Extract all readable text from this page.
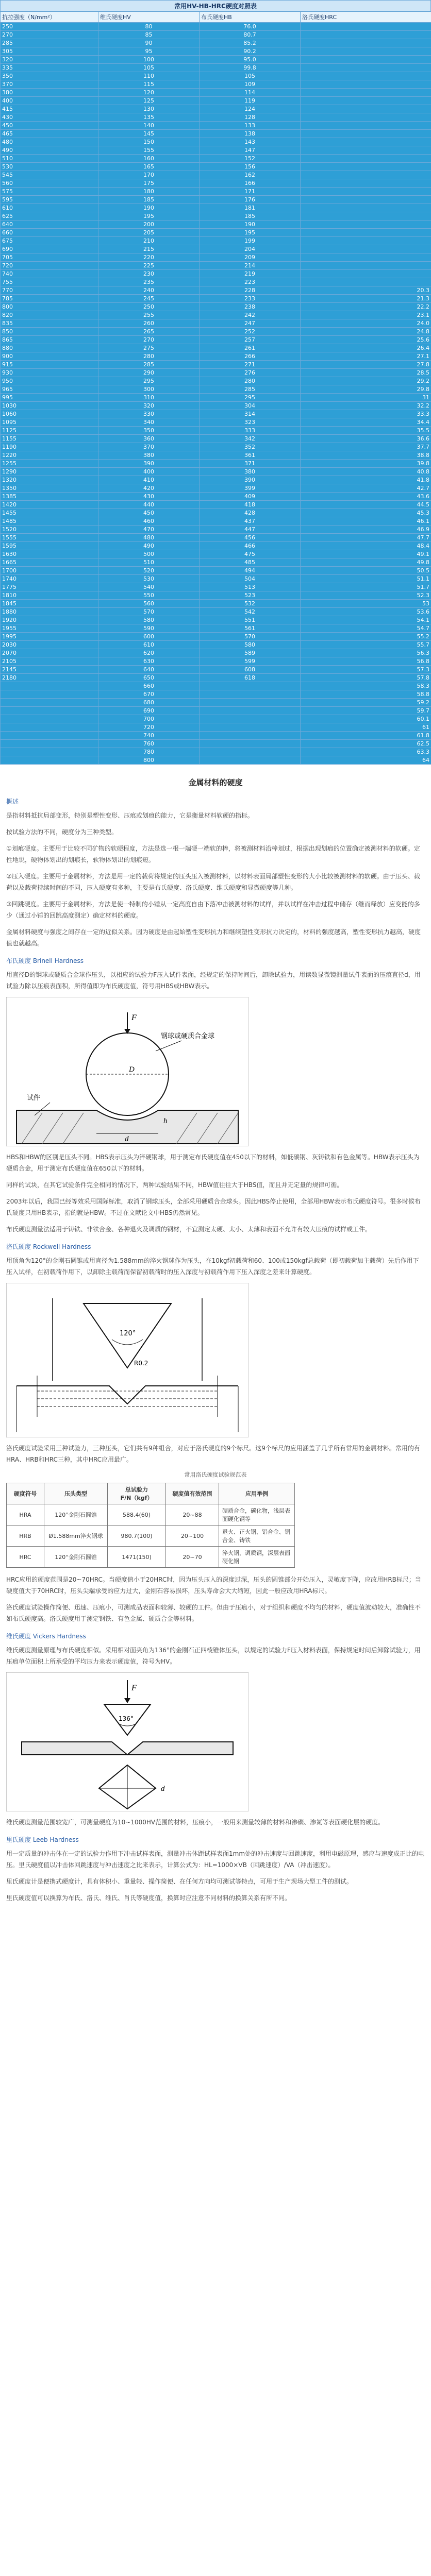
常用HV-HB-HRC硬度对照表
抗拉强度（N/mm²）	维氏硬度HV	布氏硬度HB	洛氏硬度HRC
250	80	76.0	
270	85	80.7	
285	90	85.2	
305	95	90.2	
320	100	95.0	
335	105	99.8	
350	110	105	
370	115	109	
380	120	114	
400	125	119	
415	130	124	
430	135	128	
450	140	133	
465	145	138	
480	150	143	
490	155	147	
510	160	152	
530	165	156	
545	170	162	
560	175	166	
575	180	171	
595	185	176	
610	190	181	
625	195	185	
640	200	190	
660	205	195	
675	210	199	
690	215	204	
705	220	209	
720	225	214	
740	230	219	
755	235	223	
770	240	228	20.3
785	245	233	21.3
800	250	238	22.2
820	255	242	23.1
835	260	247	24.0
850	265	252	24.8
865	270	257	25.6
880	275	261	26.4
900	280	266	27.1
915	285	271	27.8
930	290	276	28.5
950	295	280	29.2
965	300	285	29.8
995	310	295	31
1030	320	304	32.2
1060	330	314	33.3
1095	340	323	34.4
1125	350	333	35.5
1155	360	342	36.6
1190	370	352	37.7
1220	380	361	38.8
1255	390	371	39.8
1290	400	380	40.8
1320	410	390	41.8
1350	420	399	42.7
1385	430	409	43.6
1420	440	418	44.5
1455	450	428	45.3
1485	460	437	46.1
1520	470	447	46.9
1555	480	456	47.7
1595	490	466	48.4
1630	500	475	49.1
1665	510	485	49.8
1700	520	494	50.5
1740	530	504	51.1
1775	540	513	51.7
1810	550	523	52.3
1845	560	532	53
1880	570	542	53.6
1920	580	551	54.1
1955	590	561	54.7
1995	600	570	55.2
2030	610	580	55.7
2070	620	589	56.3
2105	630	599	56.8
2145	640	608	57.3
2180	650	618	57.8
	660		58.3
	670		58.8
	680		59.2
	690		59.7
	700		60.1
	720		61
	740		61.8
	760		62.5
	780		63.3
	800		64
金属材料的硬度
概述

是指材料抵抗局部变形，特别是塑性变形、压痕或划痕的能力，它是衡量材料软硬的指标。

按试验方法的不同，硬度分为三种类型。

①划痕硬度。主要用于比较不同矿物的软硬程度，方法是选一根一端硬一端软的棒，将被测材料沿棒划过，根据出现划痕的位置确定被测材料的软硬。定性地说，硬物体划出的划痕长，软物体划出的划痕短。

②压入硬度。主要用于金属材料，方法是用一定的载荷将规定的压头压入被测材料，以材料表面局部塑性变形的大小比较被测材料的软硬。由于压头、载荷以及载荷持续时间的不同，压入硬度有多种，主要是布氏硬度、洛氏硬度、维氏硬度和显微硬度等几种。

③回跳硬度。主要用于金属材料，方法是使一特制的小锤从一定高度自由下落冲击被测材料的试样，并以试样在冲击过程中储存（继而释放）应变能的多少（通过小锤的回跳高度测定）确定材料的硬度。

金属材料硬度与强度之间存在一定的近似关系。因为硬度是由起始塑性变形抗力和继续塑性变形抗力决定的，材料的强度越高，塑性变形抗力越高，硬度值也就越高。

布氏硬度 Brinell Hardness

用直径D的钢球或硬质合金球作压头，以相应的试验力F压入试件表面，经规定的保持时间后，卸除试验力，用读数显微镜测量试件表面的压痕直径d，用试验力除以压痕表面积，所得值即为布氏硬度值，符号用HBS或HBW表示。

F
D
d
h
钢球或硬质合金球
试件

HBS和HBW的区别是压头不同。HBS表示压头为淬硬钢球，用于测定布氏硬度值在450以下的材料，如低碳钢、灰铸铁和有色金属等。HBW表示压头为硬质合金，用于测定布氏硬度值在650以下的材料。

同样的试块，在其它试验条件完全相同的情况下，两种试验结果不同，HBW值往往大于HBS值，而且并无定量的规律可循。

2003年以后，我国已经等效采用国际标准，取消了钢球压头，全部采用硬质合金球头。因此HBS停止使用，全部用HBW表示布氏硬度符号。很多时候布氏硬度只用HB表示，指的就是HBW。不过在文献论文中HBS仍然常见。

布氏硬度测量法适用于铸铁、非铁合金、各种退火及调质的钢材，不宜测定太硬、太小、太薄和表面不允许有较大压痕的试样或工件。

洛氏硬度 Rockwell Hardness

用顶角为120°的金刚石圆锥或用直径为1.588mm的淬火钢球作为压头，在10kgf初载荷和60、100或150kgf总载荷（即初载荷加主载荷）先后作用下压入试样，在初载荷作用下，以卸除主载荷而保留初载荷时的压入深度与初载荷作用下压入深度之差来计算硬度。

120°
R0.2

洛氏硬度试验采用三种试验力，三种压头，它们共有9种组合，对应于洛氏硬度的9个标尺。这9个标尺的应用涵盖了几乎所有常用的金属材料。常用的有HRA、HRB和HRC三种，其中HRC应用最广。

常用洛氏硬度试验规范表
硬度符号	压头类型	总试验力
F/N（kgf）	硬度值有效范围	应用举例
HRA	120°金刚石圆锥	588.4(60)	20~88	硬质合金，碳化物，浅层表面硬化钢等
HRB	Ø1.588mm淬火钢球	980.7(100)	20~100	退火、正火钢、铝合金、铜合金、铸铁
HRC	120°金刚石圆锥	1471(150)	20~70	淬火钢，调质钢，深层表面硬化钢

HRC应用的硬度范围是20~70HRC。当硬度值小于20HRC时，因为压头压入的深度过深，压头的圆锥部分开始压入，灵敏度下降，应改用HRB标尺；当硬度值大于70HRC时，压头尖端承受的应力过大，金刚石容易损坏，压头寿命会大大缩短，因此一般应改用HRA标尺。

洛氏硬度试验操作简便、迅速、压痕小，可测成品表面和较薄、较硬的工件。但由于压痕小，对于组织和硬度不均匀的材料，硬度值波动较大，准确性不如布氏硬度高。洛氏硬度用于测定钢铁、有色金属、硬质合金等材料。

维氏硬度 Vickers Hardness

维氏硬度测量原理与布氏硬度相似。采用相对面夹角为136°的金刚石正四棱锥体压头，以规定的试验力F压入材料表面，保持规定时间后卸除试验力，用压痕单位面积上所承受的平均压力来表示硬度值，符号为HV。

F
136°
d

维氏硬度测量范围较宽广，可测量硬度为10~1000HV范围的材料，压痕小，一般用来测量较薄的材料和渗碳、渗氮等表面硬化层的硬度。

里氏硬度 Leeb Hardness

用一定质量的冲击体在一定的试验力作用下冲击试样表面，测量冲击体距试样表面1mm处的冲击速度与回跳速度，利用电磁原理，感应与速度成正比的电压。里氏硬度值以冲击体回跳速度与冲击速度之比来表示，计算公式为：HL=1000×VB（回跳速度）/VA（冲击速度）。

里氏硬度计是便携式硬度计，具有体积小、重量轻、操作简便、在任何方向均可测试等特点，可用于生产现场大型工件的测试。

里氏硬度值可以换算为布氏、洛氏、维氏、肖氏等硬度值，换算时应注意不同材料的换算关系有所不同。
